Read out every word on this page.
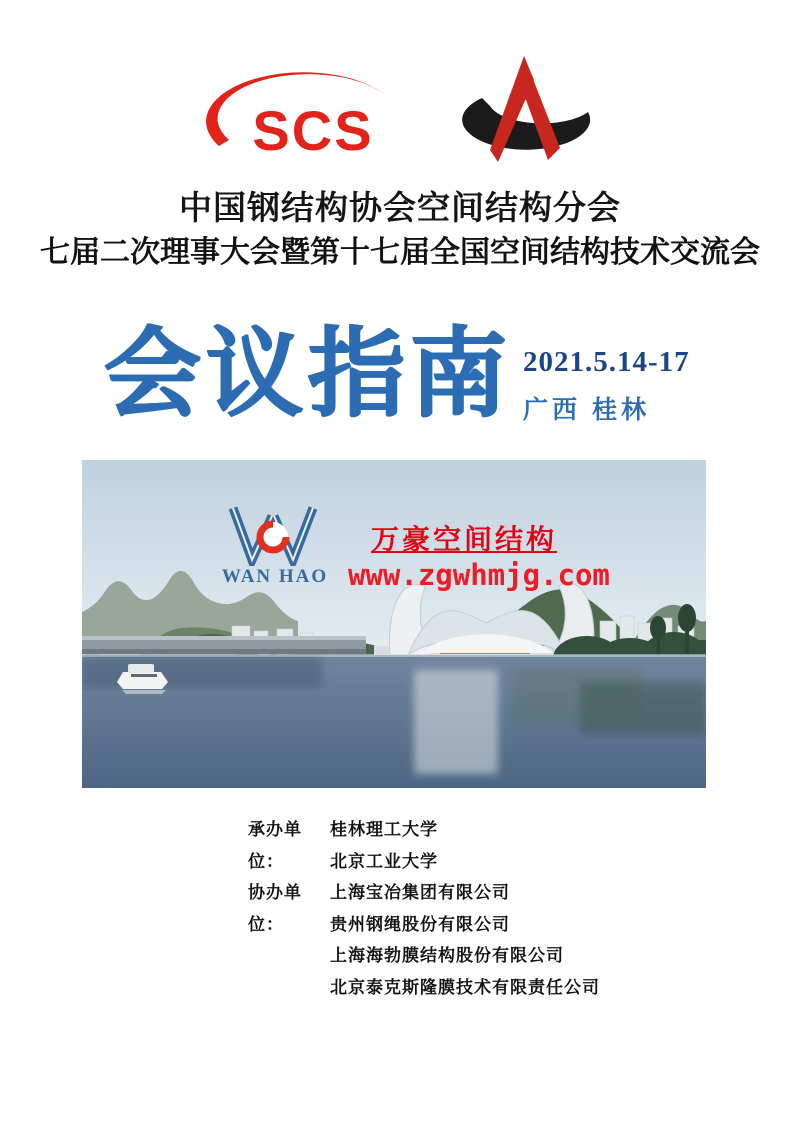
SCS
中国钢结构协会空间结构分会
七届二次理事大会暨第十七届全国空间结构技术交流会
会议指南 2021.5.14-17
广西 桂林
WAN HAO
万豪空间结构
www.zgwhmjg.com
承办单位：
桂林理工大学
北京工业大学
协办单位：
上海宝冶集团有限公司
贵州钢绳股份有限公司
上海海勃膜结构股份有限公司
北京泰克斯隆膜技术有限责任公司
